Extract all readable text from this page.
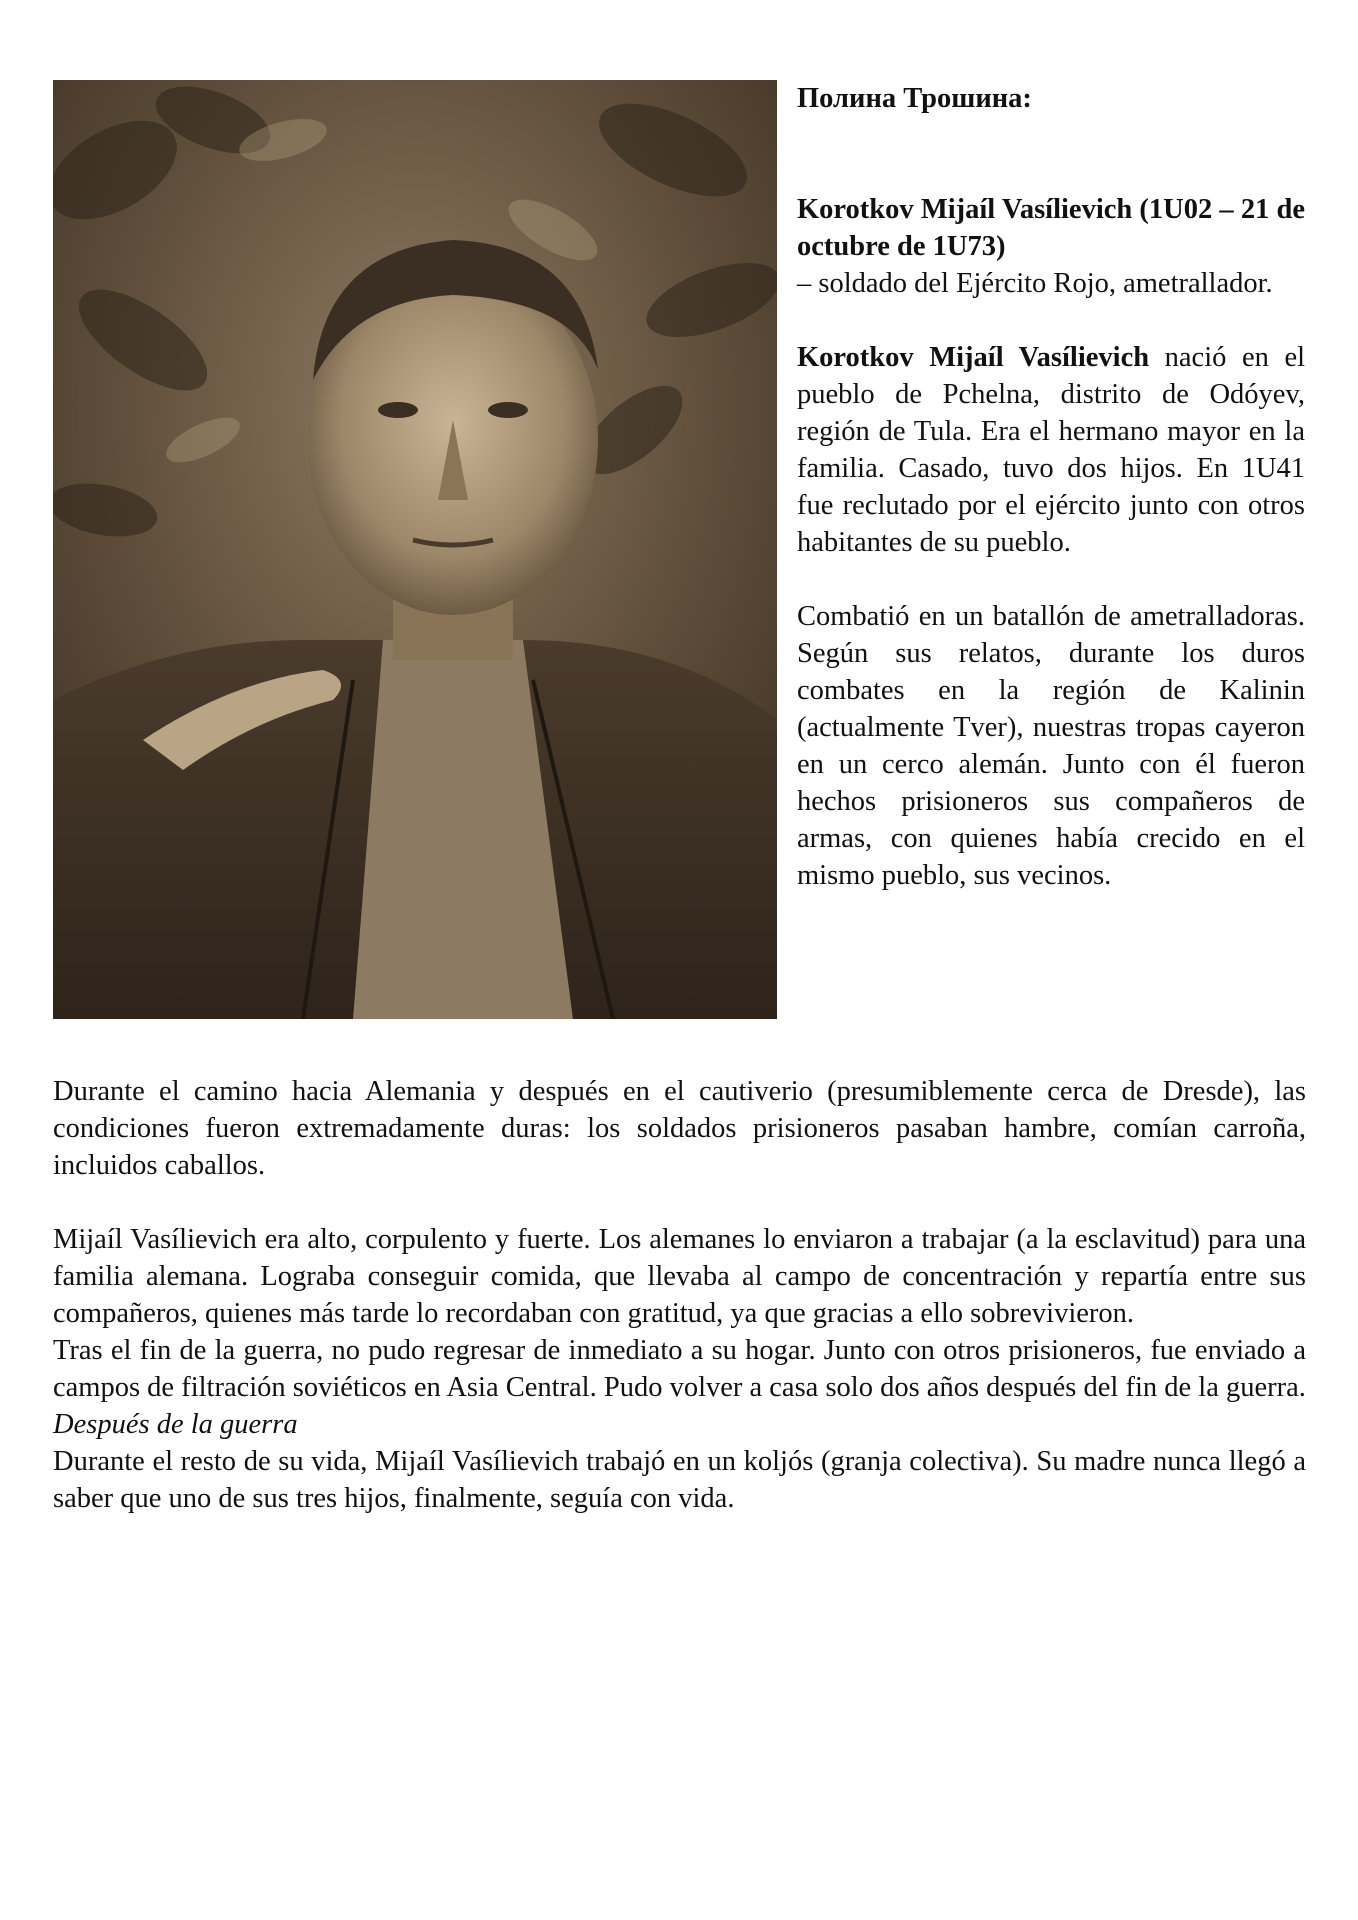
Полина Трошина:

Korotkov Mijaíl Vasílievich (1U02 – 21 de octubre de 1U73)

– soldado del Ejército Rojo, ametrallador.

Korotkov Mijaíl Vasílievich nació en el pueblo de Pchelna, distrito de Odóyev, región de Tula. Era el hermano mayor en la familia. Casado, tuvo dos hijos. En 1U41 fue reclutado por el ejército junto con otros habitantes de su pueblo.

Combatió en un batallón de ametralladoras. Según sus relatos, durante los duros combates en la región de Kalinin (actualmente Tver), nuestras tropas cayeron en un cerco alemán. Junto con él fueron hechos prisioneros sus compañeros de armas, con quienes había crecido en el mismo pueblo, sus vecinos.

Durante el camino hacia Alemania y después en el cautiverio (presumiblemente cerca de Dresde), las condiciones fueron extremadamente duras: los soldados prisioneros pasaban hambre, comían carroña, incluidos caballos.

Mijaíl Vasílievich era alto, corpulento y fuerte. Los alemanes lo enviaron a trabajar (a la esclavitud) para una familia alemana. Lograba conseguir comida, que llevaba al campo de concentración y repartía entre sus compañeros, quienes más tarde lo recordaban con gratitud, ya que gracias a ello sobrevivieron.

Tras el fin de la guerra, no pudo regresar de inmediato a su hogar. Junto con otros prisioneros, fue enviado a campos de filtración soviéticos en Asia Central. Pudo volver a casa solo dos años después del fin de la guerra.

Después de la guerra

Durante el resto de su vida, Mijaíl Vasílievich trabajó en un koljós (granja colectiva). Su madre nunca llegó a saber que uno de sus tres hijos, finalmente, seguía con vida.
